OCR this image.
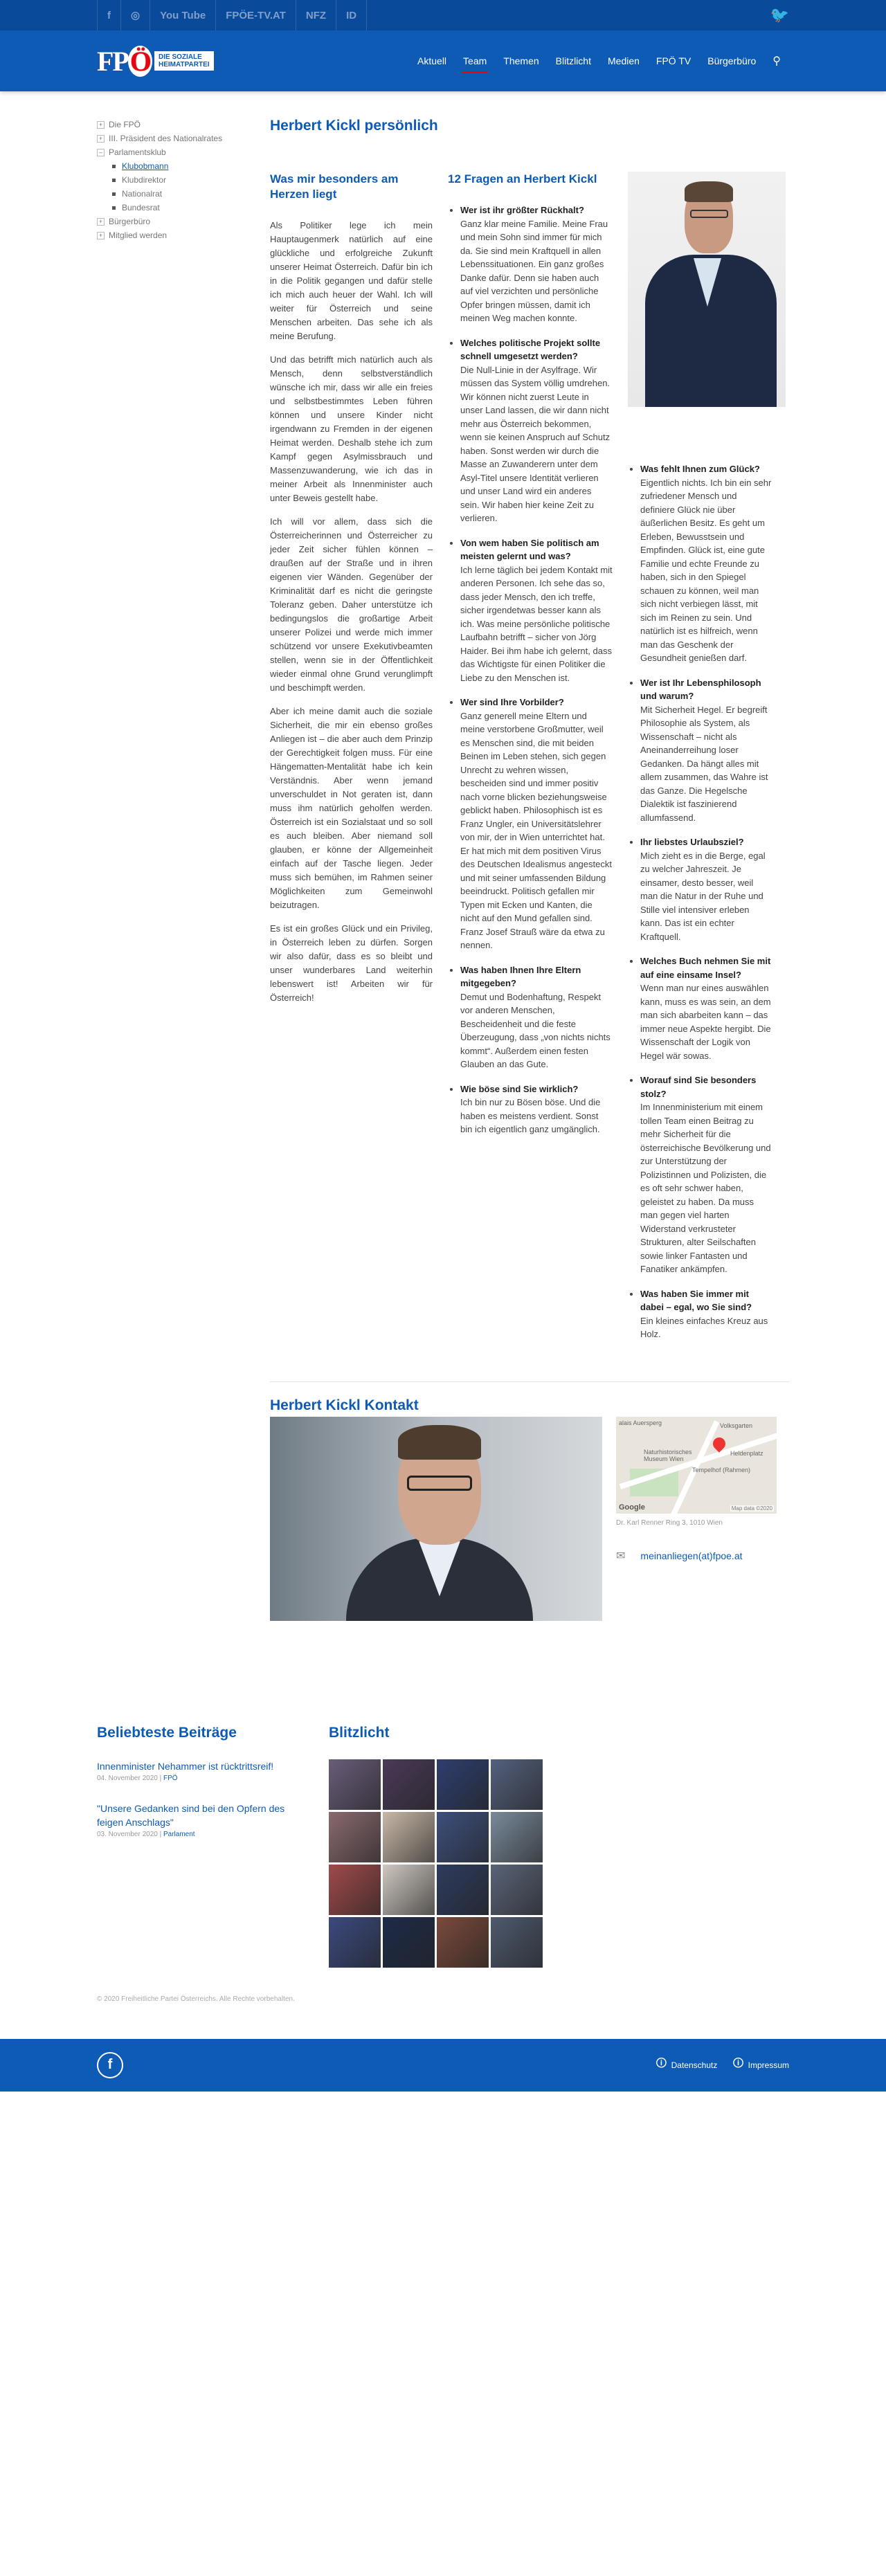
f	◎	You Tube	FPÖE-TV.AT	NFZ	ID	🐦
FPÖ	DIE SOZIALE
HEIMATPARTEI	Aktuell	Team	Themen	Blitzlicht	Medien	FPÖ TV	Bürgerbüro	⚲
+ Die FPÖ
+ III. Präsident des Nationalrates
– Parlamentsklub
Klubobmann
Klubdirektor
Nationalrat
Bundesrat
+ Bürgerbüro
+ Mitglied werden
Herbert Kickl persönlich
Was mir besonders am Herzen liegt

Als Politiker lege ich mein Hauptaugenmerk natürlich auf eine glückliche und erfolgreiche Zukunft unserer Heimat Österreich. Dafür bin ich in die Politik gegangen und dafür stelle ich mich auch heuer der Wahl. Ich will weiter für Österreich und seine Menschen arbeiten. Das sehe ich als meine Berufung.

Und das betrifft mich natürlich auch als Mensch, denn selbstverständlich wünsche ich mir, dass wir alle ein freies und selbstbestimmtes Leben führen können und unsere Kinder nicht irgendwann zu Fremden in der eigenen Heimat werden. Deshalb stehe ich zum Kampf gegen Asylmissbrauch und Massenzuwanderung, wie ich das in meiner Arbeit als Innenminister auch unter Beweis gestellt habe.

Ich will vor allem, dass sich die Österreicherinnen und Österreicher zu jeder Zeit sicher fühlen können – draußen auf der Straße und in ihren eigenen vier Wänden. Gegenüber der Kriminalität darf es nicht die geringste Toleranz geben. Daher unterstütze ich bedingungslos die großartige Arbeit unserer Polizei und werde mich immer schützend vor unsere Exekutivbeamten stellen, wenn sie in der Öffentlichkeit wieder einmal ohne Grund verunglimpft und beschimpft werden.

Aber ich meine damit auch die soziale Sicherheit, die mir ein ebenso großes Anliegen ist – die aber auch dem Prinzip der Gerechtigkeit folgen muss. Für eine Hängematten-Mentalität habe ich kein Verständnis. Aber wenn jemand unverschuldet in Not geraten ist, dann muss ihm natürlich geholfen werden. Österreich ist ein Sozialstaat und so soll es auch bleiben. Aber niemand soll glauben, er könne der Allgemeinheit einfach auf der Tasche liegen. Jeder muss sich bemühen, im Rahmen seiner Möglichkeiten zum Gemeinwohl beizutragen.

Es ist ein großes Glück und ein Privileg, in Österreich leben zu dürfen. Sorgen wir also dafür, dass es so bleibt und unser wunderbares Land weiterhin lebenswert ist! Arbeiten wir für Österreich!

12 Fragen an Herbert Kickl
• Wer ist ihr größter Rückhalt?
Ganz klar meine Familie. Meine Frau und mein Sohn sind immer für mich da. Sie sind mein Kraftquell in allen Lebenssituationen. Ein ganz großes Danke dafür. Denn sie haben auch auf viel verzichten und persönliche Opfer bringen müssen, damit ich meinen Weg machen konnte.
• Welches politische Projekt sollte schnell umgesetzt werden?
Die Null-Linie in der Asylfrage. Wir müssen das System völlig umdrehen. Wir können nicht zuerst Leute in unser Land lassen, die wir dann nicht mehr aus Österreich bekommen, wenn sie keinen Anspruch auf Schutz haben. Sonst werden wir durch die Masse an Zuwanderern unter dem Asyl-Titel unsere Identität verlieren und unser Land wird ein anderes sein. Wir haben hier keine Zeit zu verlieren.
• Von wem haben Sie politisch am meisten gelernt und was?
Ich lerne täglich bei jedem Kontakt mit anderen Personen. Ich sehe das so, dass jeder Mensch, den ich treffe, sicher irgendetwas besser kann als ich. Was meine persönliche politische Laufbahn betrifft – sicher von Jörg Haider. Bei ihm habe ich gelernt, dass das Wichtigste für einen Politiker die Liebe zu den Menschen ist.
• Wer sind Ihre Vorbilder?
Ganz generell meine Eltern und meine verstorbene Großmutter, weil es Menschen sind, die mit beiden Beinen im Leben stehen, sich gegen Unrecht zu wehren wissen, bescheiden sind und immer positiv nach vorne blicken beziehungsweise geblickt haben. Philosophisch ist es Franz Ungler, ein Universitätslehrer von mir, der in Wien unterrichtet hat. Er hat mich mit dem positiven Virus des Deutschen Idealismus angesteckt und mit seiner umfassenden Bildung beeindruckt. Politisch gefallen mir Typen mit Ecken und Kanten, die nicht auf den Mund gefallen sind. Franz Josef Strauß wäre da etwa zu nennen.
• Was haben Ihnen Ihre Eltern mitgegeben?
Demut und Bodenhaftung, Respekt vor anderen Menschen, Bescheidenheit und die feste Überzeugung, dass „von nichts nichts kommt“. Außerdem einen festen Glauben an das Gute.
• Wie böse sind Sie wirklich?
Ich bin nur zu Bösen böse. Und die haben es meistens verdient. Sonst bin ich eigentlich ganz umgänglich.
• Was fehlt Ihnen zum Glück?
Eigentlich nichts. Ich bin ein sehr zufriedener Mensch und definiere Glück nie über äußerlichen Besitz. Es geht um Erleben, Bewusstsein und Empfinden. Glück ist, eine gute Familie und echte Freunde zu haben, sich in den Spiegel schauen zu können, weil man sich nicht verbiegen lässt, mit sich im Reinen zu sein. Und natürlich ist es hilfreich, wenn man das Geschenk der Gesundheit genießen darf.
• Wer ist Ihr Lebensphilosoph und warum?
Mit Sicherheit Hegel. Er begreift Philosophie als System, als Wissenschaft – nicht als Aneinanderreihung loser Gedanken. Da hängt alles mit allem zusammen, das Wahre ist das Ganze. Die Hegelsche Dialektik ist faszinierend allumfassend.
• Ihr liebstes Urlaubsziel?
Mich zieht es in die Berge, egal zu welcher Jahreszeit. Je einsamer, desto besser, weil man die Natur in der Ruhe und Stille viel intensiver erleben kann. Das ist ein echter Kraftquell.
• Welches Buch nehmen Sie mit auf eine einsame Insel?
Wenn man nur eines auswählen kann, muss es was sein, an dem man sich abarbeiten kann – das immer neue Aspekte hergibt. Die Wissenschaft der Logik von Hegel wär sowas.
• Worauf sind Sie besonders stolz?
Im Innenministerium mit einem tollen Team einen Beitrag zu mehr Sicherheit für die österreichische Bevölkerung und zur Unterstützung der Polizistinnen und Polizisten, die es oft sehr schwer haben, geleistet zu haben. Da muss man gegen viel harten Widerstand verkrusteter Strukturen, alter Seilschaften sowie linker Fantasten und Fanatiker ankämpfen.
• Was haben Sie immer mit dabei – egal, wo Sie sind?
Ein kleines einfaches Kreuz aus Holz.
Herbert Kickl Kontakt
alais Auersperg	Volksgarten
Naturhistorisches Museum Wien
Heldenplatz
Tempelhof (Rahmen)
Google	Map data ©2020
Dr. Karl Renner Ring 3, 1010 Wien
✉ meinanliegen(at)fpoe.at
Beliebteste Beiträge
Innenminister Nehammer ist rücktrittsreif!
04. November 2020 | FPÖ
"Unsere Gedanken sind bei den Opfern des feigen Anschlags"
03. November 2020 | Parlament
Blitzlicht
© 2020 Freiheitliche Partei Österreichs. Alle Rechte vorbehalten.
f	🛈 Datenschutz 🛈 Impressum
